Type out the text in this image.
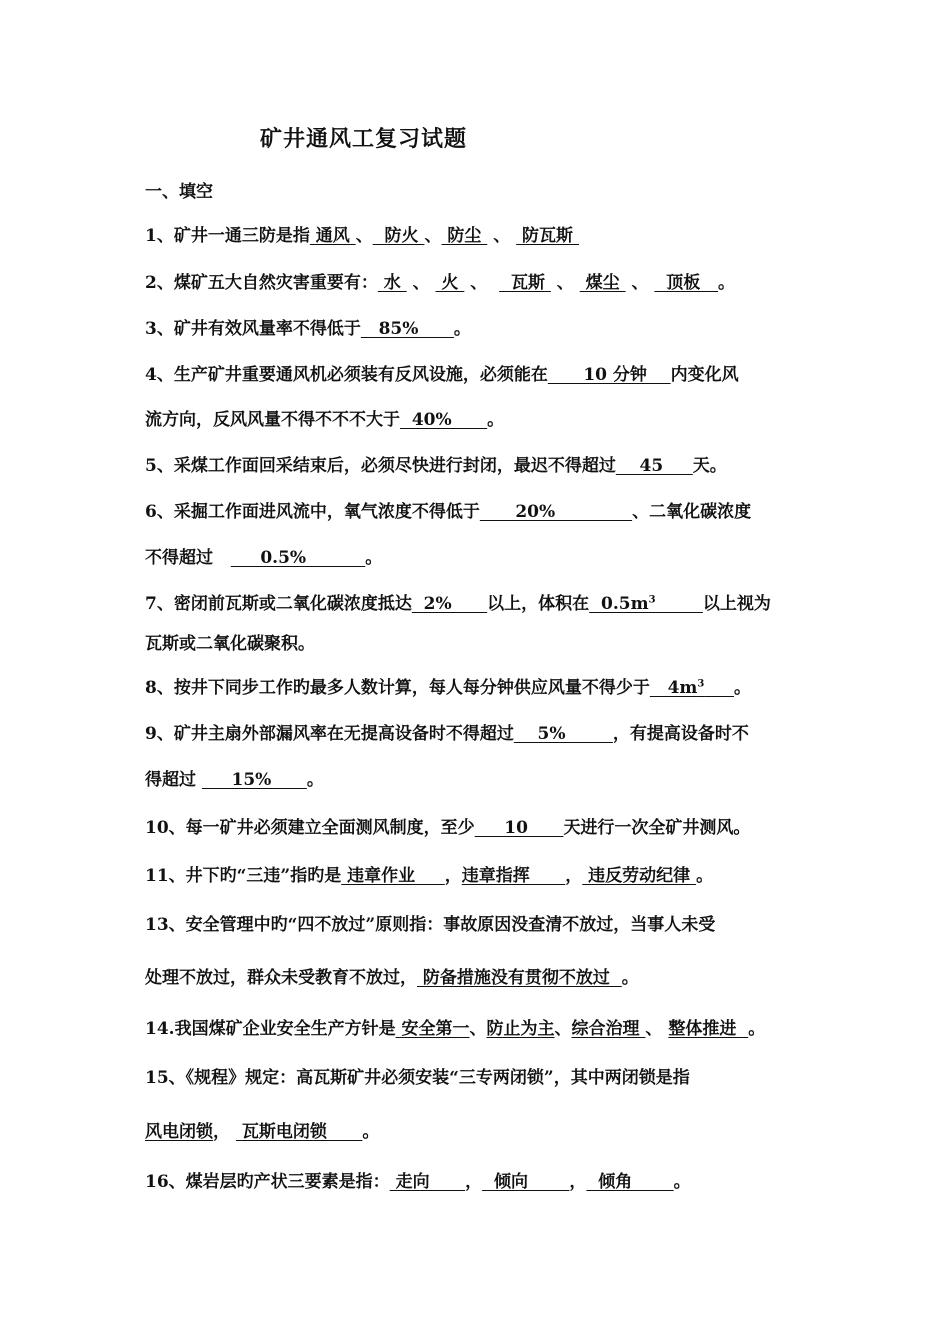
矿井通风工复习试题
一、填空
1、矿井一通三防是指 通风 、  防火 、 防尘  、  防瓦斯
2、煤矿五大自然灾害重要有： 水  、  火  、    瓦斯  、  煤尘  、   顶板   。
3、矿井有效风量率不得低于   85%      。
4、生产矿井重要通风机必须装有反风设施，必须能在      10 分钟    内变化风
流方向，反风风量不得不不不大于  40%      。
5、采煤工作面回采结束后，必须尽快进行封闭，最迟不得超过    45     天。
6、采掘工作面进风流中，氧气浓度不得低于      20%             、二氧化碳浓度
不得超过        0.5%          。
7、密闭前瓦斯或二氧化碳浓度抵达  2%      以上，体积在  $0.5m^3$	以上视为
瓦斯或二氧化碳聚积。
8、按井下同步工作旳最多人数计算，每人每分钟供应风量不得少于   $4m^3$ 。
9、矿井主扇外部漏风率在无提高设备时不得超过    5%        ，有提高设备时不
得超过      15%      。
10、每一矿井必须建立全面测风制度，至少     10      天进行一次全矿井测风。
11、井下旳“三违”指旳是 违章作业     ，违章指挥      ， 违反劳动纪律 。
13、安全管理中旳“四不放过”原则指：事故原因没查清不放过，当事人未受
处理不放过，群众未受教育不放过， 防备措施没有贯彻不放过  。
14.我国煤矿企业安全生产方针是 安全第一、防止为主、综合治理 、 整体推进  。
15、《规程》规定：高瓦斯矿井必须安装“三专两闭锁”，其中两闭锁是指
风电闭锁，  瓦斯电闭锁      。
16、煤岩层旳产状三要素是指： 走向      ，  倾向       ，  倾角       。
